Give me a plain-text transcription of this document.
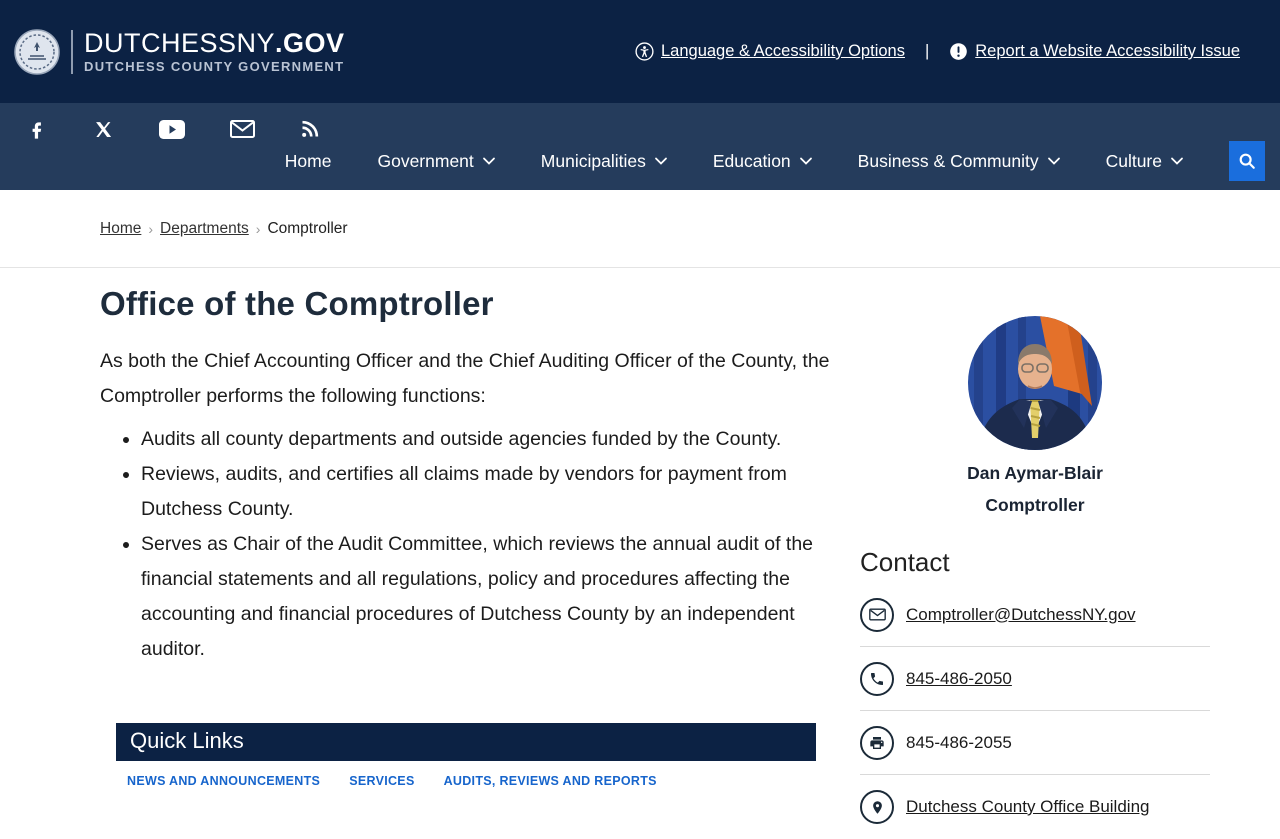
DUTCHESSNY.GOV
DUTCHESS COUNTY GOVERNMENT
Language & Accessibility Options |	Report a Website Accessibility Issue
Home	Government	Municipalities	Education	Business & Community	Culture
Home › Departments › Comptroller
Office of the Comptroller

As both the Chief Accounting Officer and the Chief Auditing Officer of the County, the Comptroller performs the following functions:

• Audits all county departments and outside agencies funded by the County.
• Reviews, audits, and certifies all claims made by vendors for payment from Dutchess County.
• Serves as Chair of the Audit Committee, which reviews the annual audit of the financial statements and all regulations, policy and procedures affecting the accounting and financial procedures of Dutchess County by an independent auditor.
Quick Links
NEWS AND ANNOUNCEMENTS SERVICES AUDITS, REVIEWS AND REPORTS
Dan Aymar-Blair
Comptroller
Contact
Comptroller@DutchessNY.gov
845-486-2050
845-486-2055
Dutchess County Office Building
